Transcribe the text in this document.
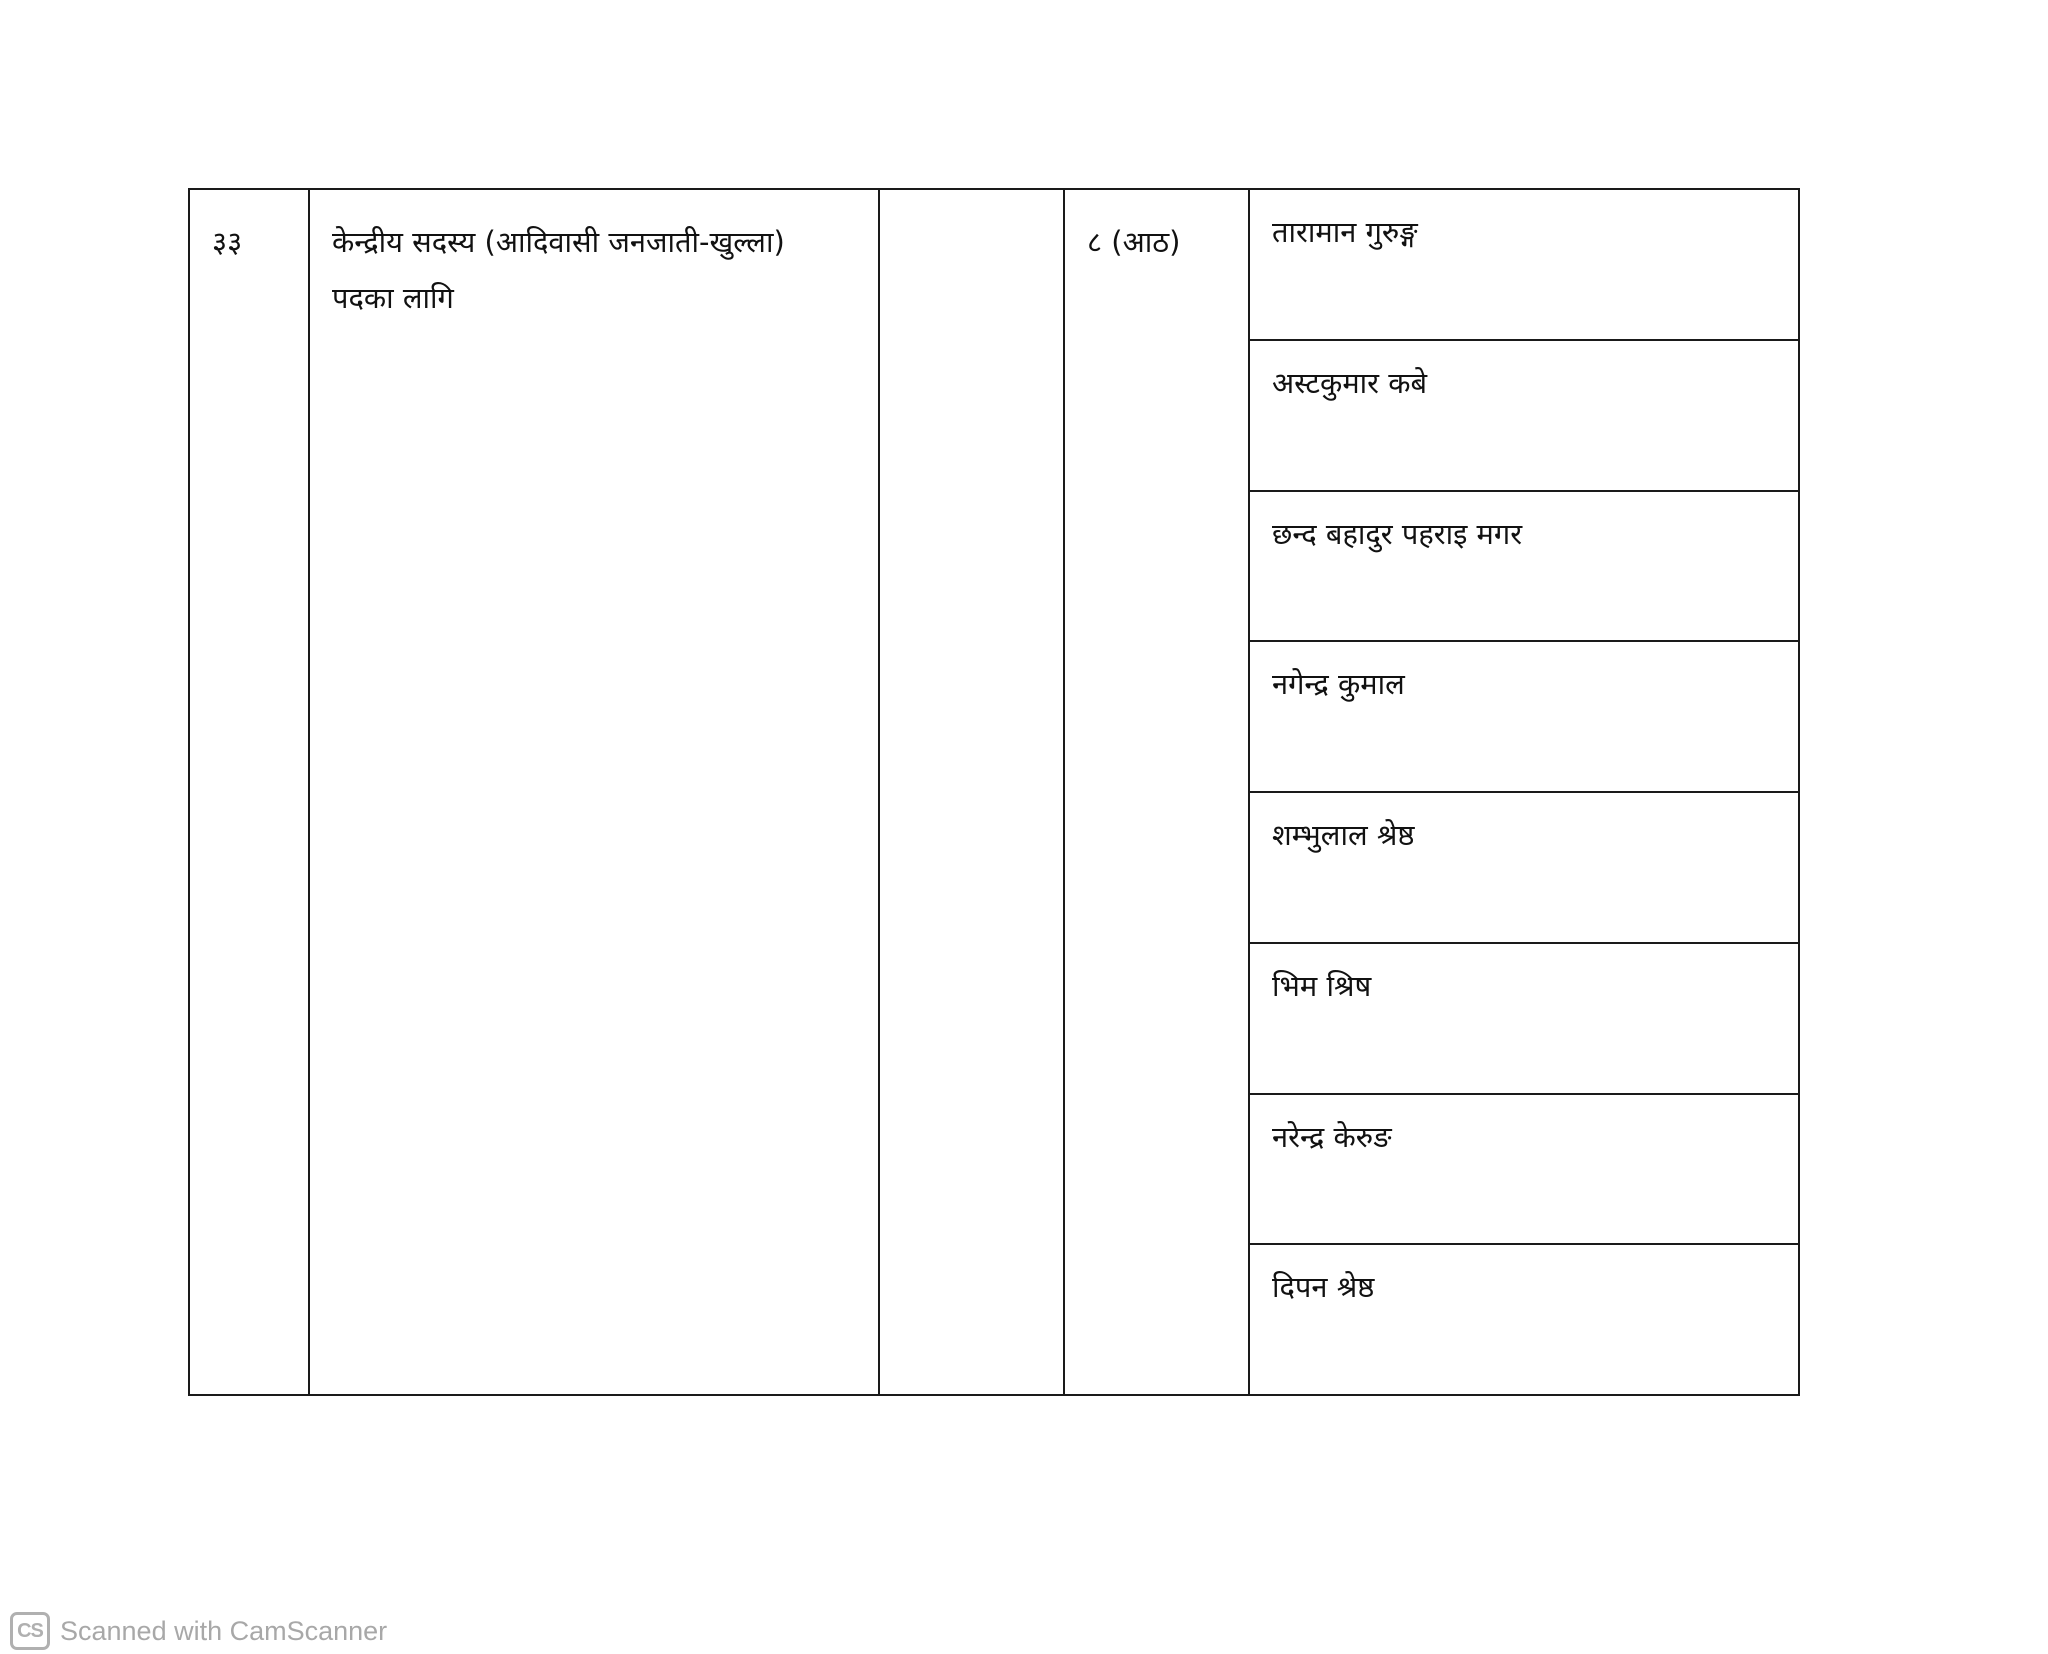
३३	केन्द्रीय सदस्य (आदिवासी जनजाती-खुल्ला)
पदका लागि
८ (आठ)	तारामान गुरुङ्ग
अस्टकुमार कबे
छन्द बहादुर पहराइ मगर
नगेन्द्र कुमाल
शम्भुलाल श्रेष्ठ
भिम श्रिष
नरेन्द्र केरुङ
दिपन श्रेष्ठ
CS Scanned with CamScanner
